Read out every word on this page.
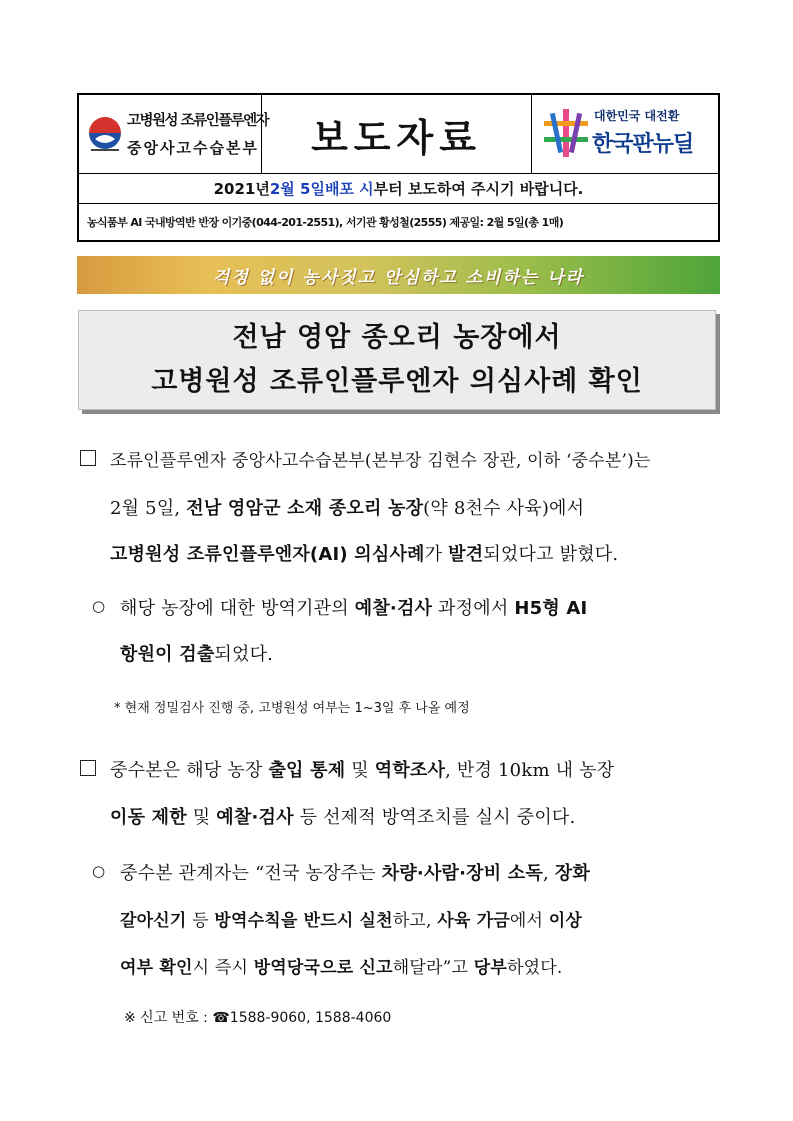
고병원성 조류인플루엔자
중앙사고수습본부 보도자료	대한민국 대전환
한국판뉴딜
2021년 2월 5일 배포 시 부터 보도하여 주시기 바랍니다.
농식품부 AI 국내방역반 반장 이기중(044-201-2551), 서기관 황성철(2555) 제공일: 2월 5일(총 1매)
걱정 없이 농사짓고 안심하고 소비하는 나라
전남 영암 종오리 농장에서
고병원성 조류인플루엔자 의심사례 확인
조류인플루엔자 중앙사고수습본부(본부장 김현수 장관, 이하 ‘중수본’)는
2월 5일, 전남 영암군 소재 종오리 농장(약 8천수 사육)에서
고병원성 조류인플루엔자(AI) 의심사례가 발견되었다고 밝혔다.
○ 해당 농장에 대한 방역기관의 예찰·검사 과정에서 H5형 AI
항원이 검출되었다.
* 현재 정밀검사 진행 중, 고병원성 여부는 1~3일 후 나올 예정
중수본은 해당 농장 출입 통제 및 역학조사, 반경 10km 내 농장
이동 제한 및 예찰·검사 등 선제적 방역조치를 실시 중이다.
○ 중수본 관계자는 “전국 농장주는 차량·사람·장비 소독, 장화
갈아신기 등 방역수칙을 반드시 실천하고, 사육 가금에서 이상
여부 확인시 즉시 방역당국으로 신고해달라”고 당부하였다.
※ 신고 번호 : ☎1588-9060, 1588-4060
